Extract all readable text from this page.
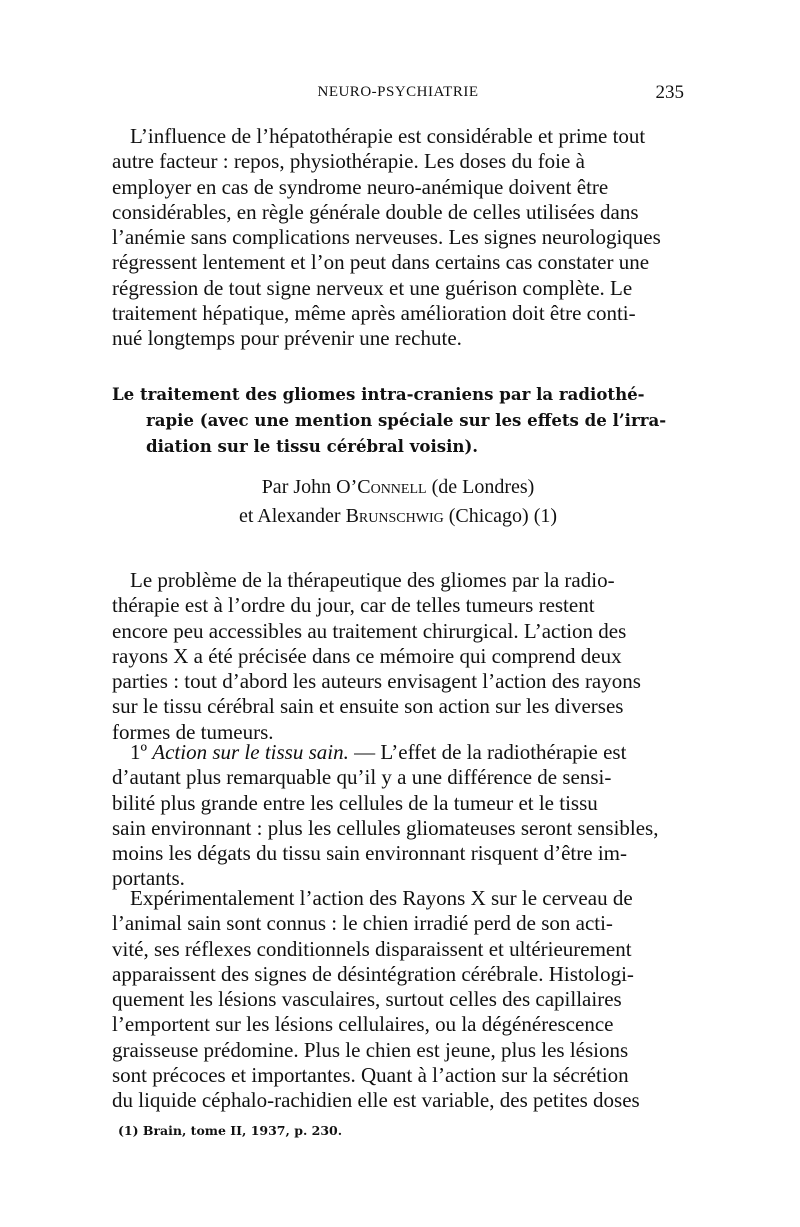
NEURO-PSYCHIATRIE	235
L’influence de l’hépatothérapie est considérable et prime tout
autre facteur : repos, physiothérapie. Les doses du foie à
employer en cas de syndrome neuro-anémique doivent être
considérables, en règle générale double de celles utilisées dans
l’anémie sans complications nerveuses. Les signes neurologiques
régressent lentement et l’on peut dans certains cas constater une
régression de tout signe nerveux et une guérison complète. Le
traitement hépatique, même après amélioration doit être conti-
nué longtemps pour prévenir une rechute.
Le traitement des gliomes intra-craniens par la radiothé-
rapie (avec une mention spéciale sur les effets de l’irra-
diation sur le tissu cérébral voisin).
Par John O’Connell (de Londres)
et Alexander Brunschwig (Chicago) (1)
Le problème de la thérapeutique des gliomes par la radio-
thérapie est à l’ordre du jour, car de telles tumeurs restent
encore peu accessibles au traitement chirurgical. L’action des
rayons X a été précisée dans ce mémoire qui comprend deux
parties : tout d’abord les auteurs envisagent l’action des rayons
sur le tissu cérébral sain et ensuite son action sur les diverses
formes de tumeurs.
1º Action sur le tissu sain. — L’effet de la radiothérapie est
d’autant plus remarquable qu’il y a une différence de sensi-
bilité plus grande entre les cellules de la tumeur et le tissu
sain environnant : plus les cellules gliomateuses seront sensibles,
moins les dégats du tissu sain environnant risquent d’être im-
portants.
Expérimentalement l’action des Rayons X sur le cerveau de
l’animal sain sont connus : le chien irradié perd de son acti-
vité, ses réflexes conditionnels disparaissent et ultérieurement
apparaissent des signes de désintégration cérébrale. Histologi-
quement les lésions vasculaires, surtout celles des capillaires
l’emportent sur les lésions cellulaires, ou la dégénérescence
graisseuse prédomine. Plus le chien est jeune, plus les lésions
sont précoces et importantes. Quant à l’action sur la sécrétion
du liquide céphalo-rachidien elle est variable, des petites doses
(1) Brain, tome II, 1937, p. 230.
